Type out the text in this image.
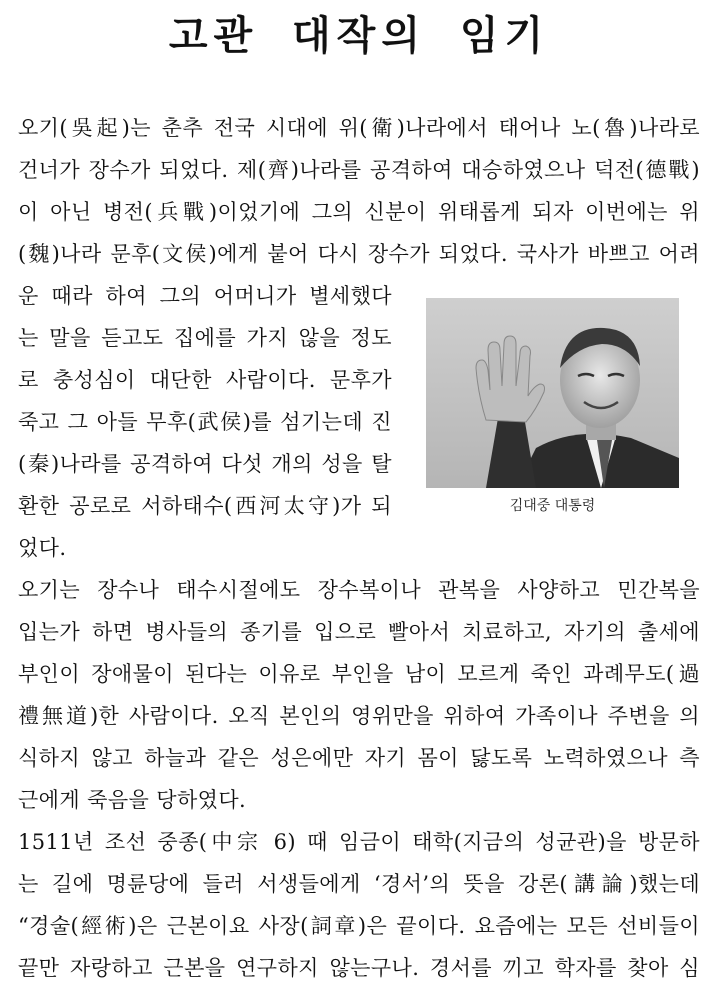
고관 대작의 임기
오기(吳起)는 춘추 전국 시대에 위(衛)나라에서 태어나 노(魯)나라로
건너가 장수가 되었다. 제(齊)나라를 공격하여 대승하였으나 덕전(德戰)
이 아닌 병전(兵戰)이었기에 그의 신분이 위태롭게 되자 이번에는 위
(魏)나라 문후(文侯)에게 붙어 다시 장수가 되었다. 국사가 바쁘고 어려
운 때라 하여 그의 어머니가 별세했다
는 말을 듣고도 집에를 가지 않을 정도
로 충성심이 대단한 사람이다. 문후가
죽고 그 아들 무후(武侯)를 섬기는데 진
(秦)나라를 공격하여 다섯 개의 성을 탈
환한 공로로 서하태수(西河太守)가 되
었다.
오기는 장수나 태수시절에도 장수복이나 관복을 사양하고 민간복을
입는가 하면 병사들의 종기를 입으로 빨아서 치료하고, 자기의 출세에
부인이 장애물이 된다는 이유로 부인을 남이 모르게 죽인 과례무도(過
禮無道)한 사람이다. 오직 본인의 영위만을 위하여 가족이나 주변을 의
식하지 않고 하늘과 같은 성은에만 자기 몸이 닳도록 노력하였으나 측
근에게 죽음을 당하였다.
1511년 조선 중종(中宗 6) 때 임금이 태학(지금의 성균관)을 방문하
는 길에 명륜당에 들러 서생들에게 ‘경서’의 뜻을 강론(講論)했는데
“경술(經術)은 근본이요 사장(詞章)은 끝이다. 요즘에는 모든 선비들이
끝만 자랑하고 근본을 연구하지 않는구나. 경서를 끼고 학자를 찾아 심
김대중 대통령
